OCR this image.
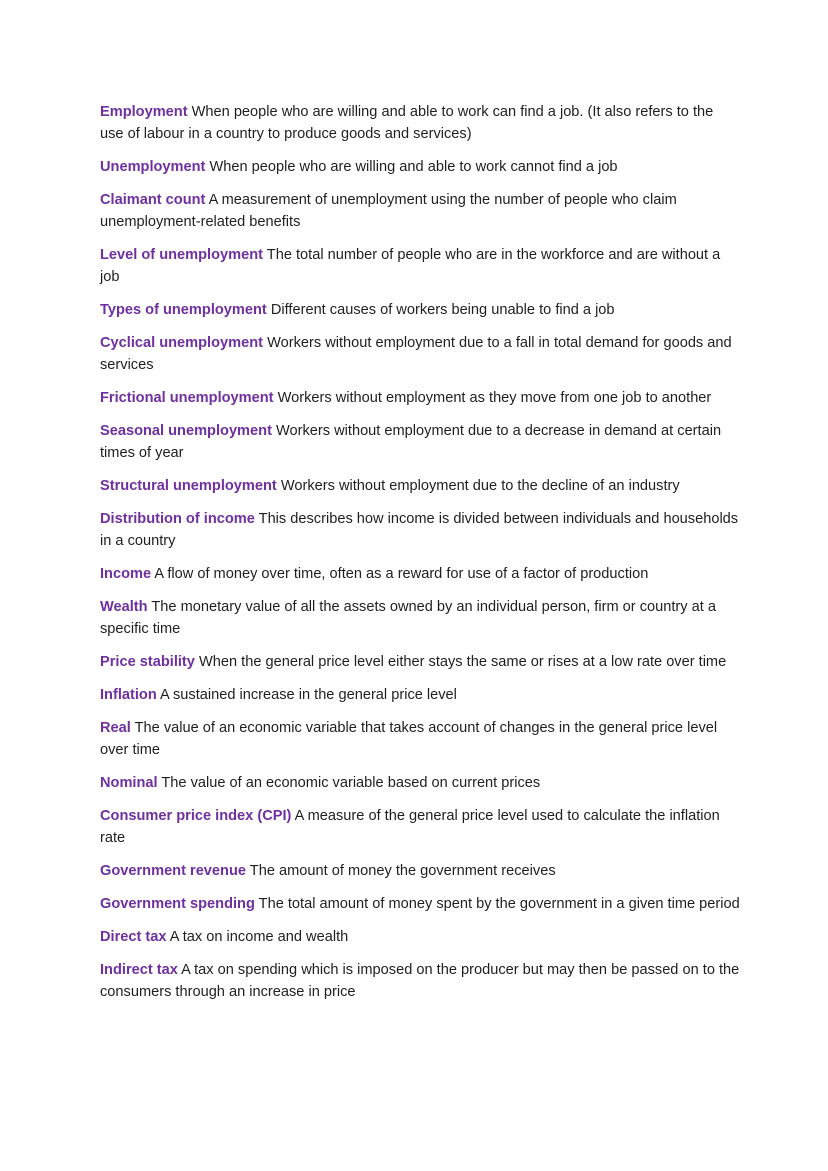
Employment When people who are willing and able to work can find a job. (It also refers to the use of labour in a country to produce goods and services)

Unemployment When people who are willing and able to work cannot find a job

Claimant count A measurement of unemployment using the number of people who claim unemployment-related benefits

Level of unemployment The total number of people who are in the workforce and are without a job

Types of unemployment Different causes of workers being unable to find a job

Cyclical unemployment Workers without employment due to a fall in total demand for goods and services

Frictional unemployment Workers without employment as they move from one job to another

Seasonal unemployment Workers without employment due to a decrease in demand at certain times of year

Structural unemployment Workers without employment due to the decline of an industry

Distribution of income This describes how income is divided between individuals and households in a country

Income A flow of money over time, often as a reward for use of a factor of production

Wealth The monetary value of all the assets owned by an individual person, firm or country at a specific time

Price stability When the general price level either stays the same or rises at a low rate over time

Inflation A sustained increase in the general price level

Real The value of an economic variable that takes account of changes in the general price level over time

Nominal The value of an economic variable based on current prices

Consumer price index (CPI) A measure of the general price level used to calculate the inflation rate

Government revenue The amount of money the government receives

Government spending The total amount of money spent by the government in a given time period

Direct tax A tax on income and wealth

Indirect tax A tax on spending which is imposed on the producer but may then be passed on to the consumers through an increase in price
